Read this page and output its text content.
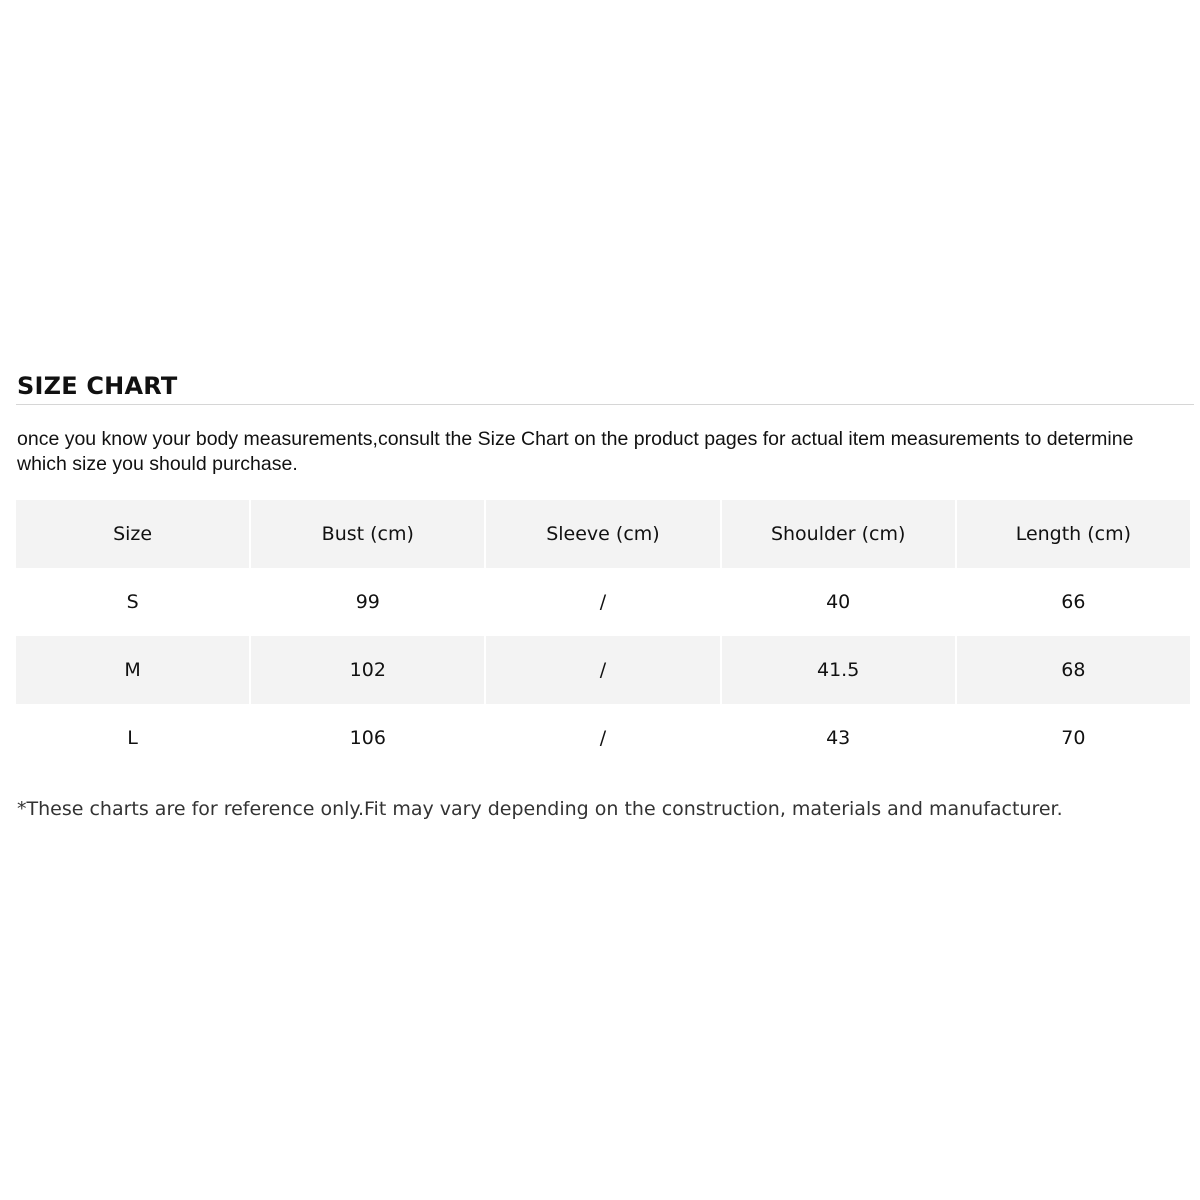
SIZE CHART
once you know your body measurements,consult the Size Chart on the product pages for actual item measurements to determine
which size you should purchase.
Size	Bust (cm)	Sleeve (cm)	Shoulder (cm)	Length (cm)
S	99	/	40	66
M	102	/	41.5	68
L	106	/	43	70
*These charts are for reference only.Fit may vary depending on the construction, materials and manufacturer.
